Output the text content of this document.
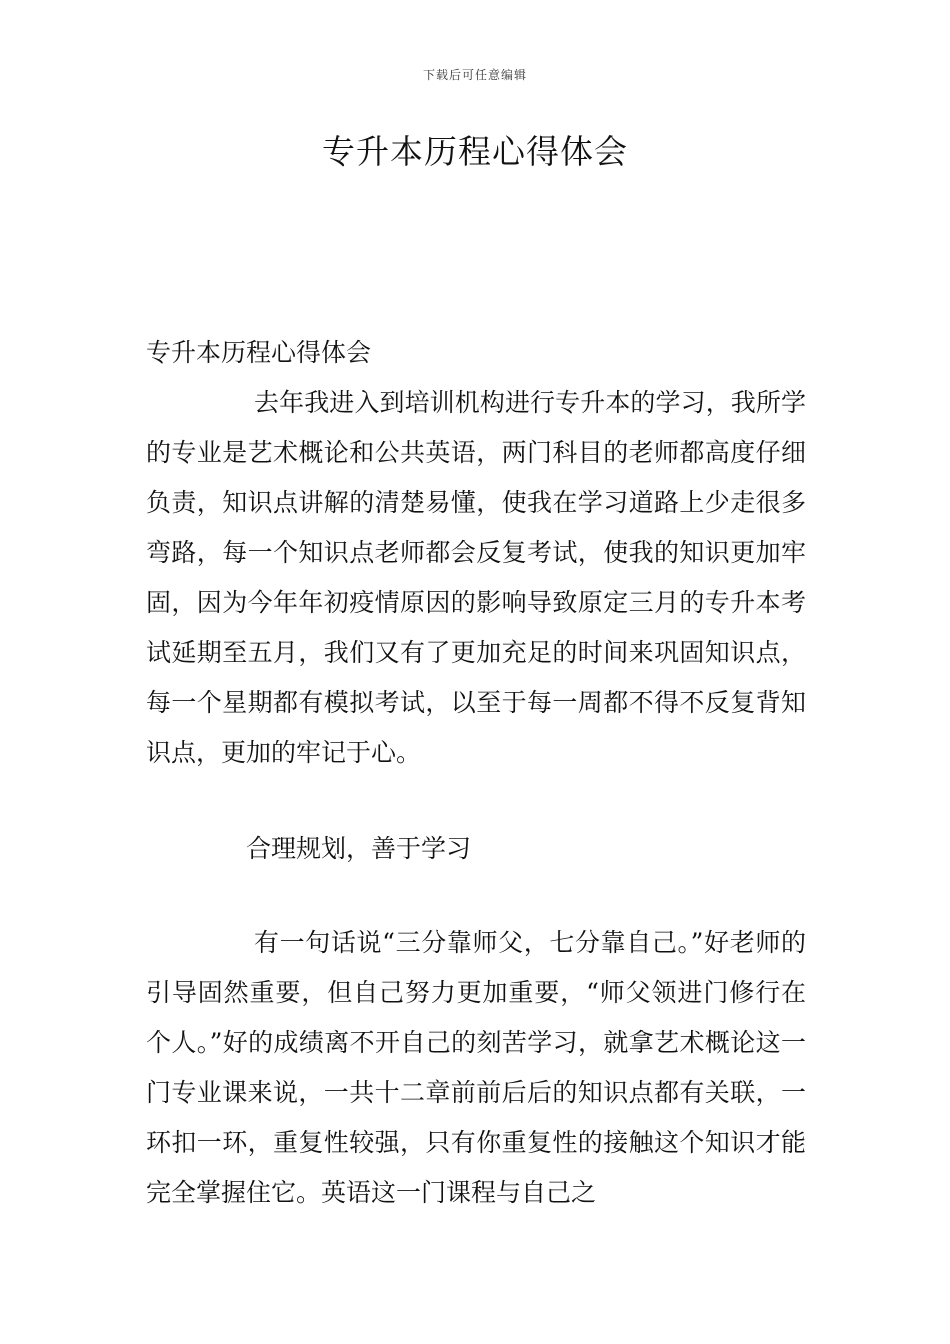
下载后可任意编辑
专升本历程心得体会

专升本历程心得体会

去年我进入到培训机构进行专升本的学习，我所学的专业是艺术概论和公共英语，两门科目的老师都高度仔细负责，知识点讲解的清楚易懂，使我在学习道路上少走很多弯路，每一个知识点老师都会反复考试，使我的知识更加牢固，因为今年年初疫情原因的影响导致原定三月的专升本考试延期至五月，我们又有了更加充足的时间来巩固知识点，每一个星期都有模拟考试，以至于每一周都不得不反复背知识点，更加的牢记于心。

合理规划，善于学习

有一句话说“三分靠师父，七分靠自己。”好老师的引导固然重要，但自己努力更加重要，“师父领进门修行在个人。”好的成绩离不开自己的刻苦学习，就拿艺术概论这一门专业课来说，一共十二章前前后后的知识点都有关联，一环扣一环，重复性较强，只有你重复性的接触这个知识才能完全掌握住它。英语这一门课程与自己之
